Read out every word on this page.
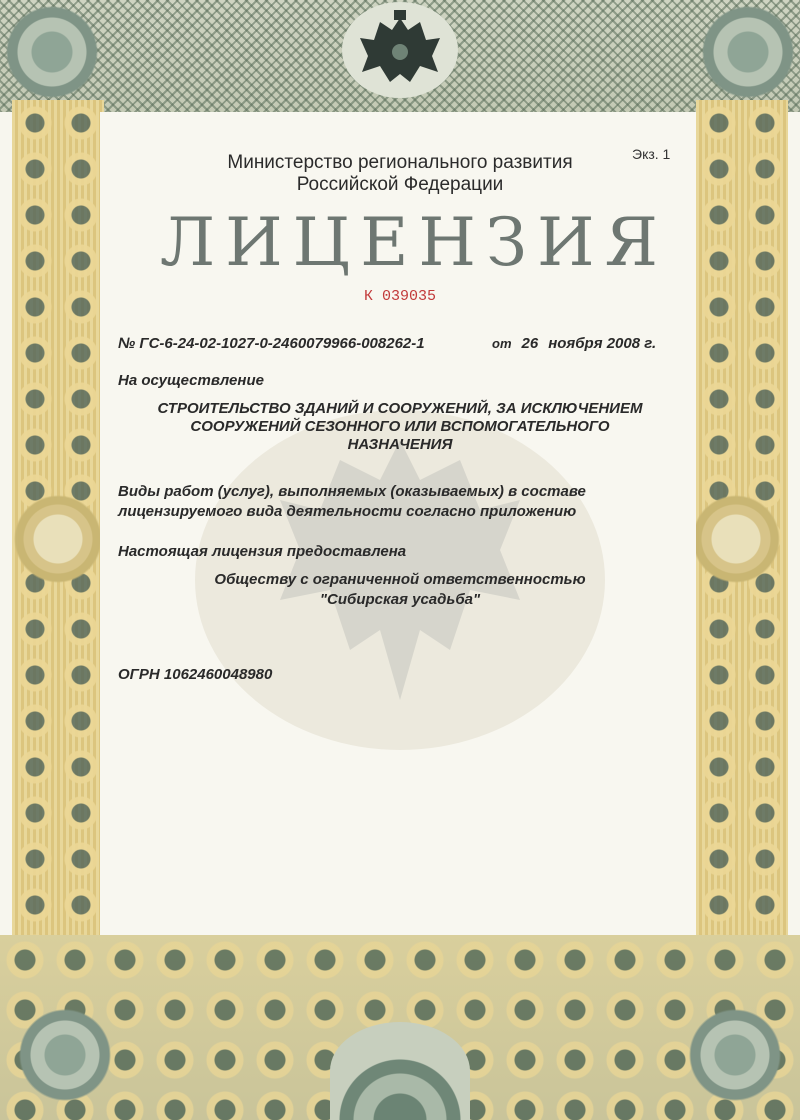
Министерство регионального развития
Российской Федерации
Экз. 1
ЛИЦЕНЗИЯ
К 039035
№ ГС-6-24-02-1027-0-2460079966-008262-1	от 26 ноября 2008 г.
На осуществление
СТРОИТЕЛЬСТВО ЗДАНИЙ И СООРУЖЕНИЙ, ЗА ИСКЛЮЧЕНИЕМ
СООРУЖЕНИЙ СЕЗОННОГО ИЛИ ВСПОМОГАТЕЛЬНОГО НАЗНАЧЕНИЯ
Виды работ (услуг), выполняемых (оказываемых) в составе
лицензируемого вида деятельности согласно приложению
Настоящая лицензия предоставлена
Обществу с ограниченной ответственностью
"Сибирская усадьба"
ОГРН 1062460048980
